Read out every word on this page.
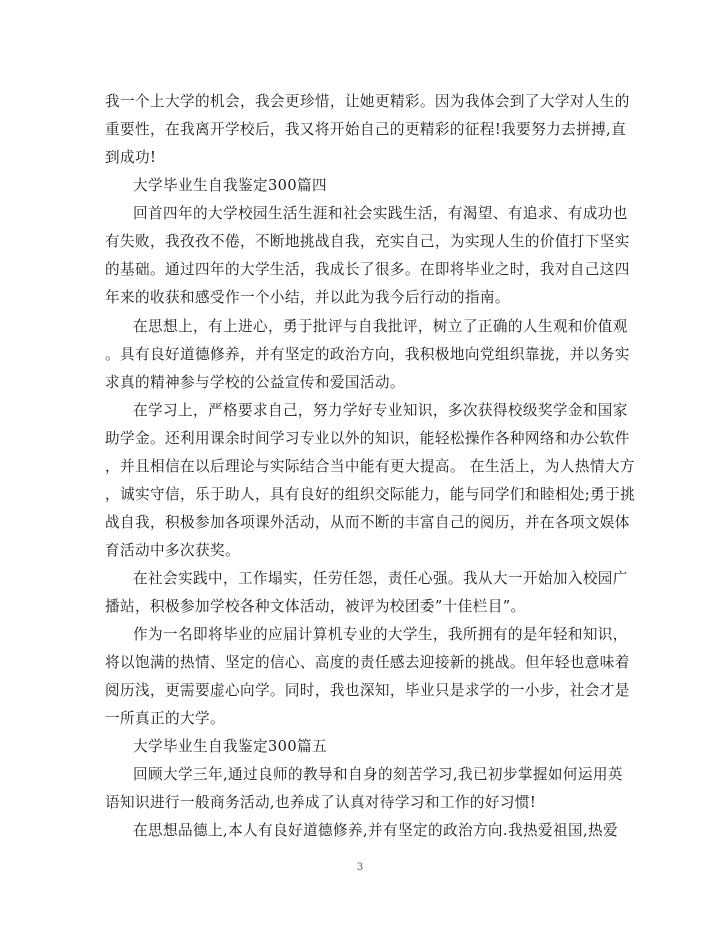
我一个上大学的机会，我会更珍惜，让她更精彩。因为我体会到了大学对人生的
重要性，在我离开学校后，我又将开始自己的更精彩的征程!我要努力去拼搏,直
到成功!
大学毕业生自我鉴定300篇四
回首四年的大学校园生活生涯和社会实践生活，有渴望、有追求、有成功也
有失败，我孜孜不倦，不断地挑战自我，充实自己，为实现人生的价值打下坚实
的基础。通过四年的大学生活，我成长了很多。在即将毕业之时，我对自己这四
年来的收获和感受作一个小结，并以此为我今后行动的指南。
在思想上，有上进心，勇于批评与自我批评，树立了正确的人生观和价值观
。具有良好道德修养，并有坚定的政治方向，我积极地向党组织靠拢，并以务实
求真的精神参与学校的公益宣传和爱国活动。
在学习上，严格要求自己，努力学好专业知识，多次获得校级奖学金和国家
助学金。还利用课余时间学习专业以外的知识，能轻松操作各种网络和办公软件
，并且相信在以后理论与实际结合当中能有更大提高。 在生活上，为人热情大方
，诚实守信，乐于助人，具有良好的组织交际能力，能与同学们和睦相处;勇于挑
战自我，积极参加各项课外活动，从而不断的丰富自己的阅历，并在各项文娱体
育活动中多次获奖。
在社会实践中，工作塌实，任劳任怨，责任心强。我从大一开始加入校园广
播站，积极参加学校各种文体活动，被评为校团委”十佳栏目”。
作为一名即将毕业的应届计算机专业的大学生，我所拥有的是年轻和知识，
将以饱满的热情、坚定的信心、高度的责任感去迎接新的挑战。但年轻也意味着
阅历浅，更需要虚心向学。同时，我也深知，毕业只是求学的一小步，社会才是
一所真正的大学。
大学毕业生自我鉴定300篇五
回顾大学三年,通过良师的教导和自身的刻苦学习,我已初步掌握如何运用英
语知识进行一般商务活动,也养成了认真对待学习和工作的好习惯!
在思想品德上,本人有良好道德修养,并有坚定的政治方向.我热爱祖国,热爱
3
